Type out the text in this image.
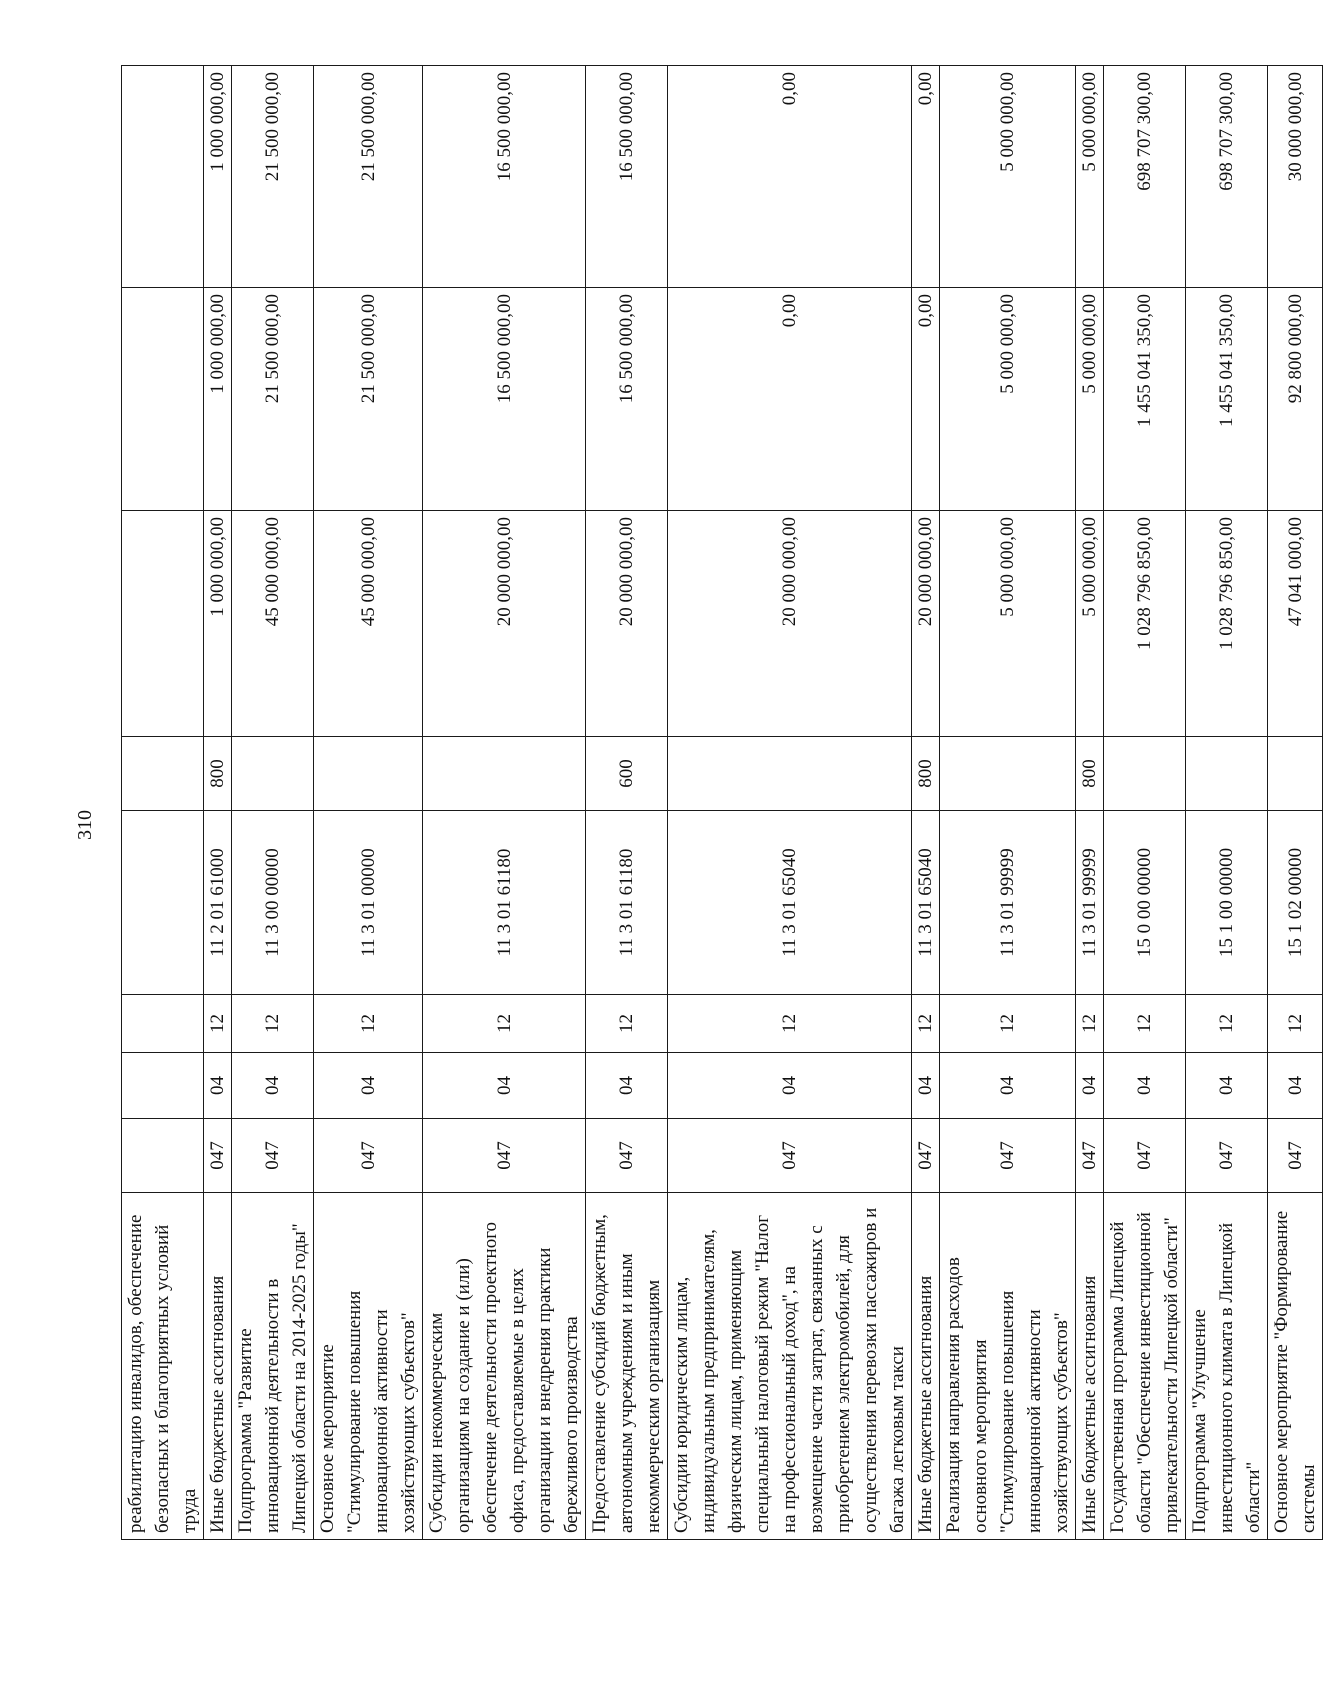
310
реабилитацию инвалидов, обеспечение безопасных и благоприятных условий труда								
Иные бюджетные ассигнования	047	04	12	11 2 01 61000	800	1 000 000,00	1 000 000,00	1 000 000,00
Подпрограмма "Развитие инновационной деятельности в Липецкой области на 2014-2025 годы"	047	04	12	11 3 00 00000		45 000 000,00	21 500 000,00	21 500 000,00
Основное мероприятие "Стимулирование повышения инновационной активности хозяйствующих субъектов"	047	04	12	11 3 01 00000		45 000 000,00	21 500 000,00	21 500 000,00
Субсидии некоммерческим организациям на создание и (или) обеспечение деятельности проектного офиса, предоставляемые в целях организации и внедрения практики бережливого производства	047	04	12	11 3 01 61180		20 000 000,00	16 500 000,00	16 500 000,00
Предоставление субсидий бюджетным, автономным учреждениям и иным некоммерческим организациям	047	04	12	11 3 01 61180	600	20 000 000,00	16 500 000,00	16 500 000,00
Субсидии юридическим лицам, индивидуальным предпринимателям, физическим лицам, применяющим специальный налоговый режим "Налог на профессиональный доход", на возмещение части затрат, связанных с приобретением электромобилей, для осуществления перевозки пассажиров и багажа легковым такси	047	04	12	11 3 01 65040		20 000 000,00	0,00	0,00
Иные бюджетные ассигнования	047	04	12	11 3 01 65040	800	20 000 000,00	0,00	0,00
Реализация направления расходов основного мероприятия "Стимулирование повышения инновационной активности хозяйствующих субъектов"	047	04	12	11 3 01 99999		5 000 000,00	5 000 000,00	5 000 000,00
Иные бюджетные ассигнования	047	04	12	11 3 01 99999	800	5 000 000,00	5 000 000,00	5 000 000,00
Государственная программа Липецкой области "Обеспечение инвестиционной привлекательности Липецкой области"	047	04	12	15 0 00 00000		1 028 796 850,00	1 455 041 350,00	698 707 300,00
Подпрограмма "Улучшение инвестиционного климата в Липецкой области"	047	04	12	15 1 00 00000		1 028 796 850,00	1 455 041 350,00	698 707 300,00
Основное мероприятие "Формирование системы	047	04	12	15 1 02 00000		47 041 000,00	92 800 000,00	30 000 000,00
